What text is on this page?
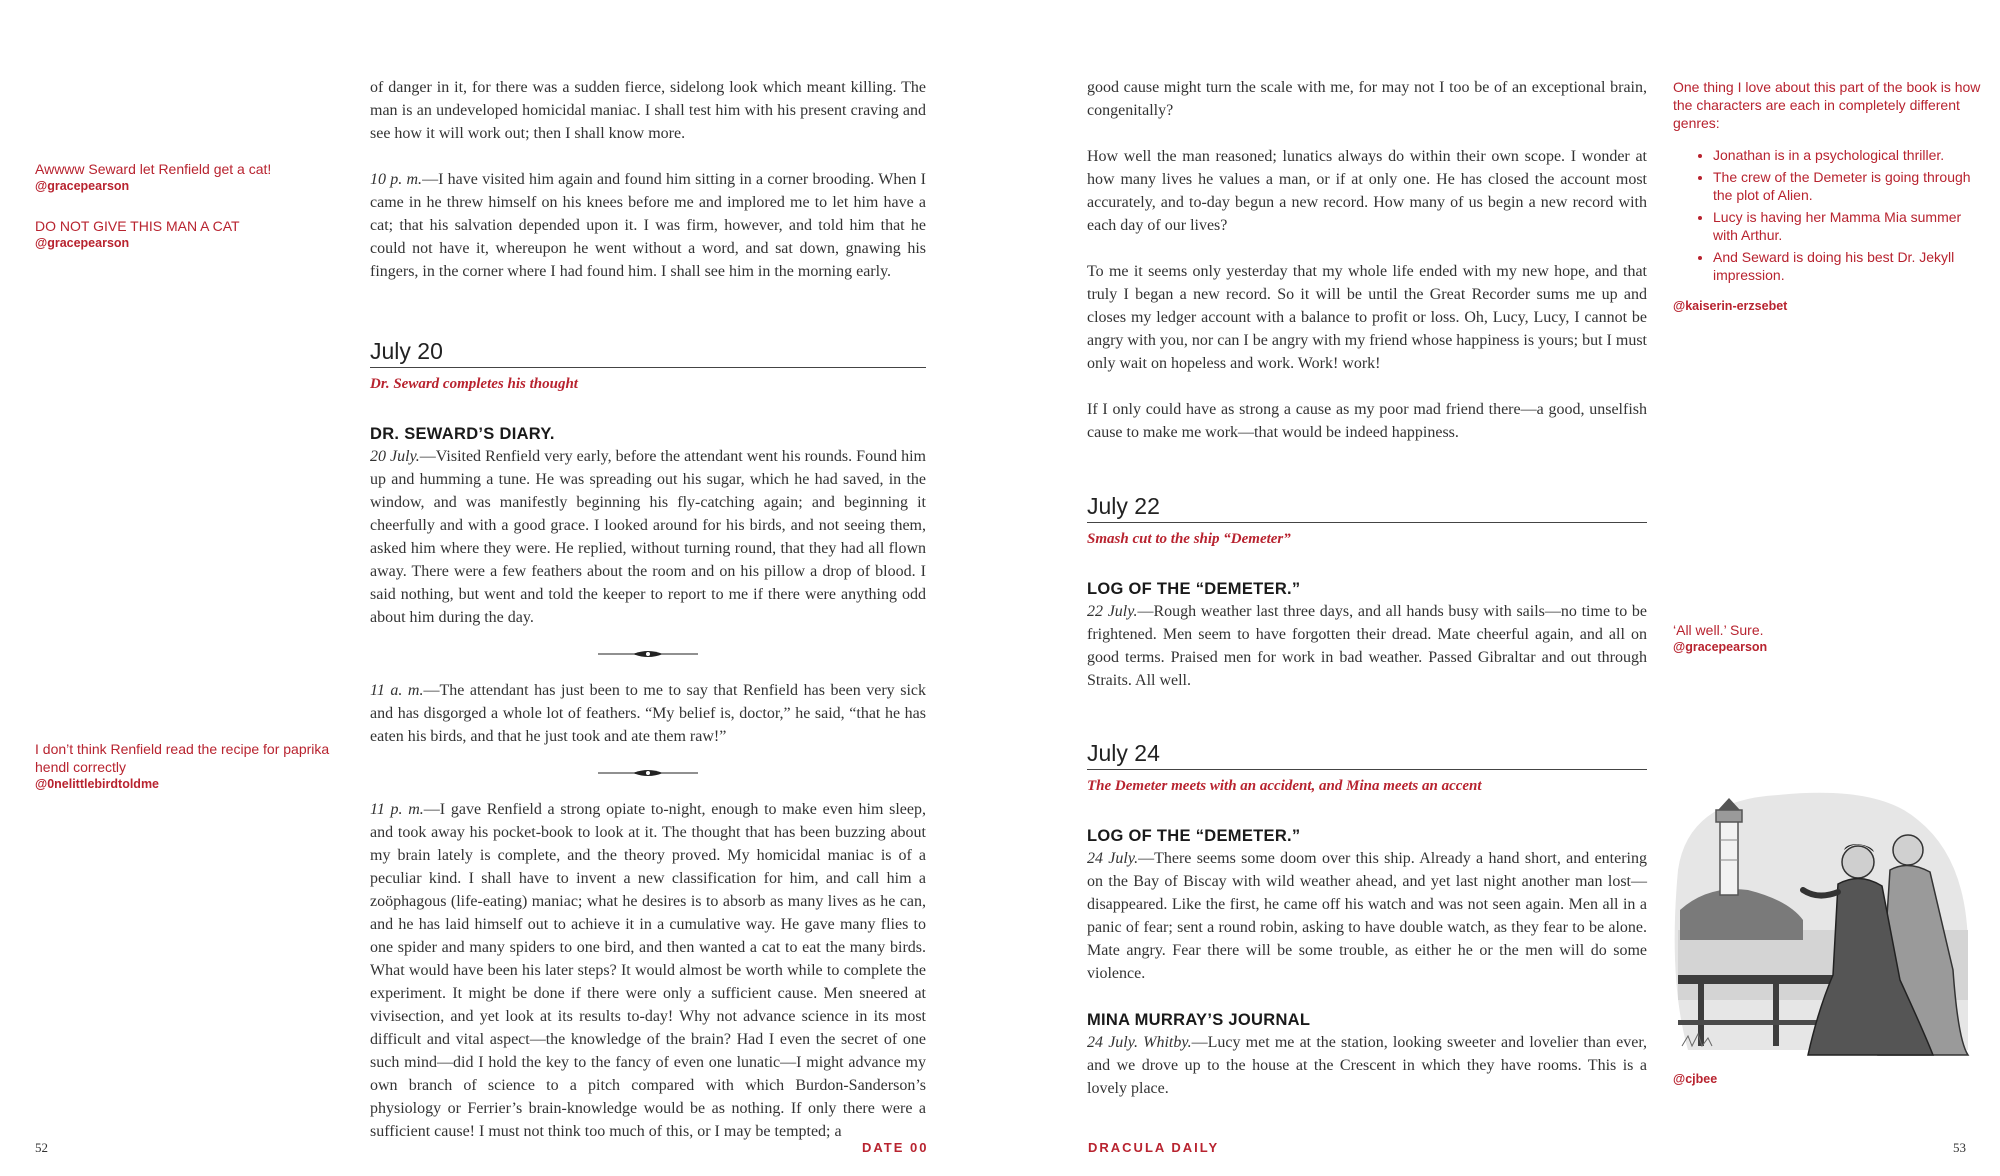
Awwww Seward let Renfield get a cat!
@gracepearson
DO NOT GIVE THIS MAN A CAT
@gracepearson
I don’t think Renfield read the recipe for paprika hendl correctly
@0nelittlebirdtoldme

of danger in it, for there was a sudden fierce, sidelong look which meant killing. The man is an undeveloped homicidal maniac. I shall test him with his present craving and see how it will work out; then I shall know more.

10 p. m.—I have visited him again and found him sitting in a corner brooding. When I came in he threw himself on his knees before me and implored me to let him have a cat; that his salvation depended upon it. I was firm, however, and told him that he could not have it, whereupon he went without a word, and sat down, gnawing his fingers, in the corner where I had found him. I shall see him in the morning early.

July 20
Dr. Seward completes his thought
DR. SEWARD’S DIARY.

20 July.—Visited Renfield very early, before the attendant went his rounds. Found him up and humming a tune. He was spreading out his sugar, which he had saved, in the window, and was manifestly beginning his fly-catching again; and beginning it cheerfully and with a good grace. I looked around for his birds, and not seeing them, asked him where they were. He replied, without turning round, that they had all flown away. There were a few feathers about the room and on his pillow a drop of blood. I said nothing, but went and told the keeper to report to me if there were anything odd about him during the day.

11 a. m.—The attendant has just been to me to say that Renfield has been very sick and has disgorged a whole lot of feathers. “My belief is, doctor,” he said, “that he has eaten his birds, and that he just took and ate them raw!”

11 p. m.—I gave Renfield a strong opiate to-night, enough to make even him sleep, and took away his pocket-book to look at it. The thought that has been buzzing about my brain lately is complete, and the theory proved. My homicidal maniac is of a peculiar kind. I shall have to invent a new classification for him, and call him a zoöphagous (life-eating) maniac; what he desires is to absorb as many lives as he can, and he has laid himself out to achieve it in a cumulative way. He gave many flies to one spider and many spiders to one bird, and then wanted a cat to eat the many birds. What would have been his later steps? It would almost be worth while to complete the experiment. It might be done if there were only a sufficient cause. Men sneered at vivisection, and yet look at its results to-day! Why not advance science in its most difficult and vital aspect—the knowledge of the brain? Had I even the secret of one such mind—did I hold the key to the fancy of even one lunatic—I might advance my own branch of science to a pitch compared with which Burdon-Sanderson’s physiology or Ferrier’s brain-knowledge would be as nothing. If only there were a sufficient cause! I must not think too much of this, or I may be tempted; a

52	DATE 00

good cause might turn the scale with me, for may not I too be of an exceptional brain, congenitally?

How well the man reasoned; lunatics always do within their own scope. I wonder at how many lives he values a man, or if at only one. He has closed the account most accurately, and to-day begun a new record. How many of us begin a new record with each day of our lives?

To me it seems only yesterday that my whole life ended with my new hope, and that truly I began a new record. So it will be until the Great Recorder sums me up and closes my ledger account with a balance to profit or loss. Oh, Lucy, Lucy, I cannot be angry with you, nor can I be angry with my friend whose happiness is yours; but I must only wait on hopeless and work. Work! work!

If I only could have as strong a cause as my poor mad friend there—a good, unselfish cause to make me work—that would be indeed happiness.

July 22
Smash cut to the ship “Demeter”
LOG OF THE “DEMETER.”

22 July.—Rough weather last three days, and all hands busy with sails—no time to be frightened. Men seem to have forgotten their dread. Mate cheerful again, and all on good terms. Praised men for work in bad weather. Passed Gibraltar and out through Straits. All well.

July 24
The Demeter meets with an accident, and Mina meets an accent
LOG OF THE “DEMETER.”

24 July.—There seems some doom over this ship. Already a hand short, and entering on the Bay of Biscay with wild weather ahead, and yet last night another man lost—disappeared. Like the first, he came off his watch and was not seen again. Men all in a panic of fear; sent a round robin, asking to have double watch, as they fear to be alone. Mate angry. Fear there will be some trouble, as either he or the men will do some violence.

MINA MURRAY’S JOURNAL

24 July. Whitby.—Lucy met me at the station, looking sweeter and lovelier than ever, and we drove up to the house at the Crescent in which they have rooms. This is a lovely place.

One thing I love about this part of the book is how the characters are each in completely different genres:
• Jonathan is in a psychological thriller.
• The crew of the Demeter is going through the plot of Alien.
• Lucy is having her Mamma Mia summer with Arthur.
• And Seward is doing his best Dr. Jekyll impression.
@kaiserin-erzsebet
‘All well.’ Sure.
@gracepearson
@cjbee
DRACULA DAILY	53
